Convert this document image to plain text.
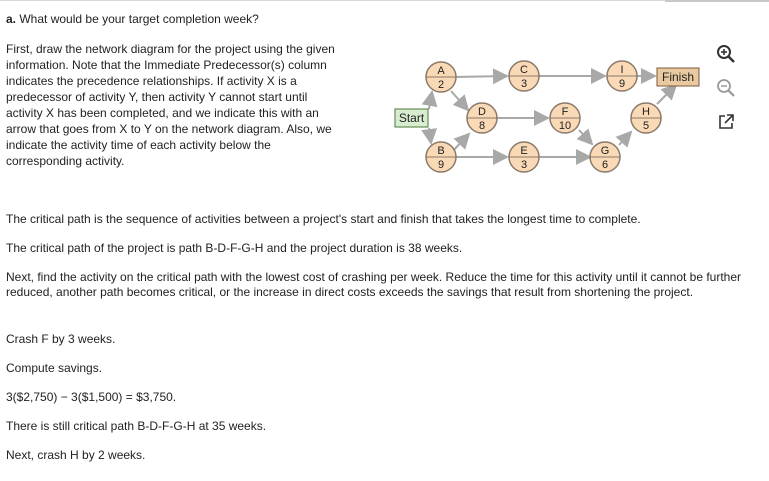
a. What would be your target completion week?
First, draw the network diagram for the project using the given information. Note that the Immediate Predecessor(s) column indicates the precedence relationships. If activity X is a predecessor of activity Y, then activity Y cannot start until activity X has been completed, and we indicate this with an arrow that goes from X to Y on the network diagram. Also, we indicate the activity time of each activity below the corresponding activity.
Start
Finish
A
2
B
9
C
3
D
8
E
3
F
10
G
6
H
5
I
9
The critical path is the sequence of activities between a project's start and finish that takes the longest time to complete.
The critical path of the project is path B-D-F-G-H and the project duration is 38 weeks.
Next, find the activity on the critical path with the lowest cost of crashing per week. Reduce the time for this activity until it cannot be further reduced, another path becomes critical, or the increase in direct costs exceeds the savings that result from shortening the project.
Crash F by 3 weeks.
Compute savings.
3($2,750) − 3($1,500) = $3,750.
There is still critical path B-D-F-G-H at 35 weeks.
Next, crash H by 2 weeks.
